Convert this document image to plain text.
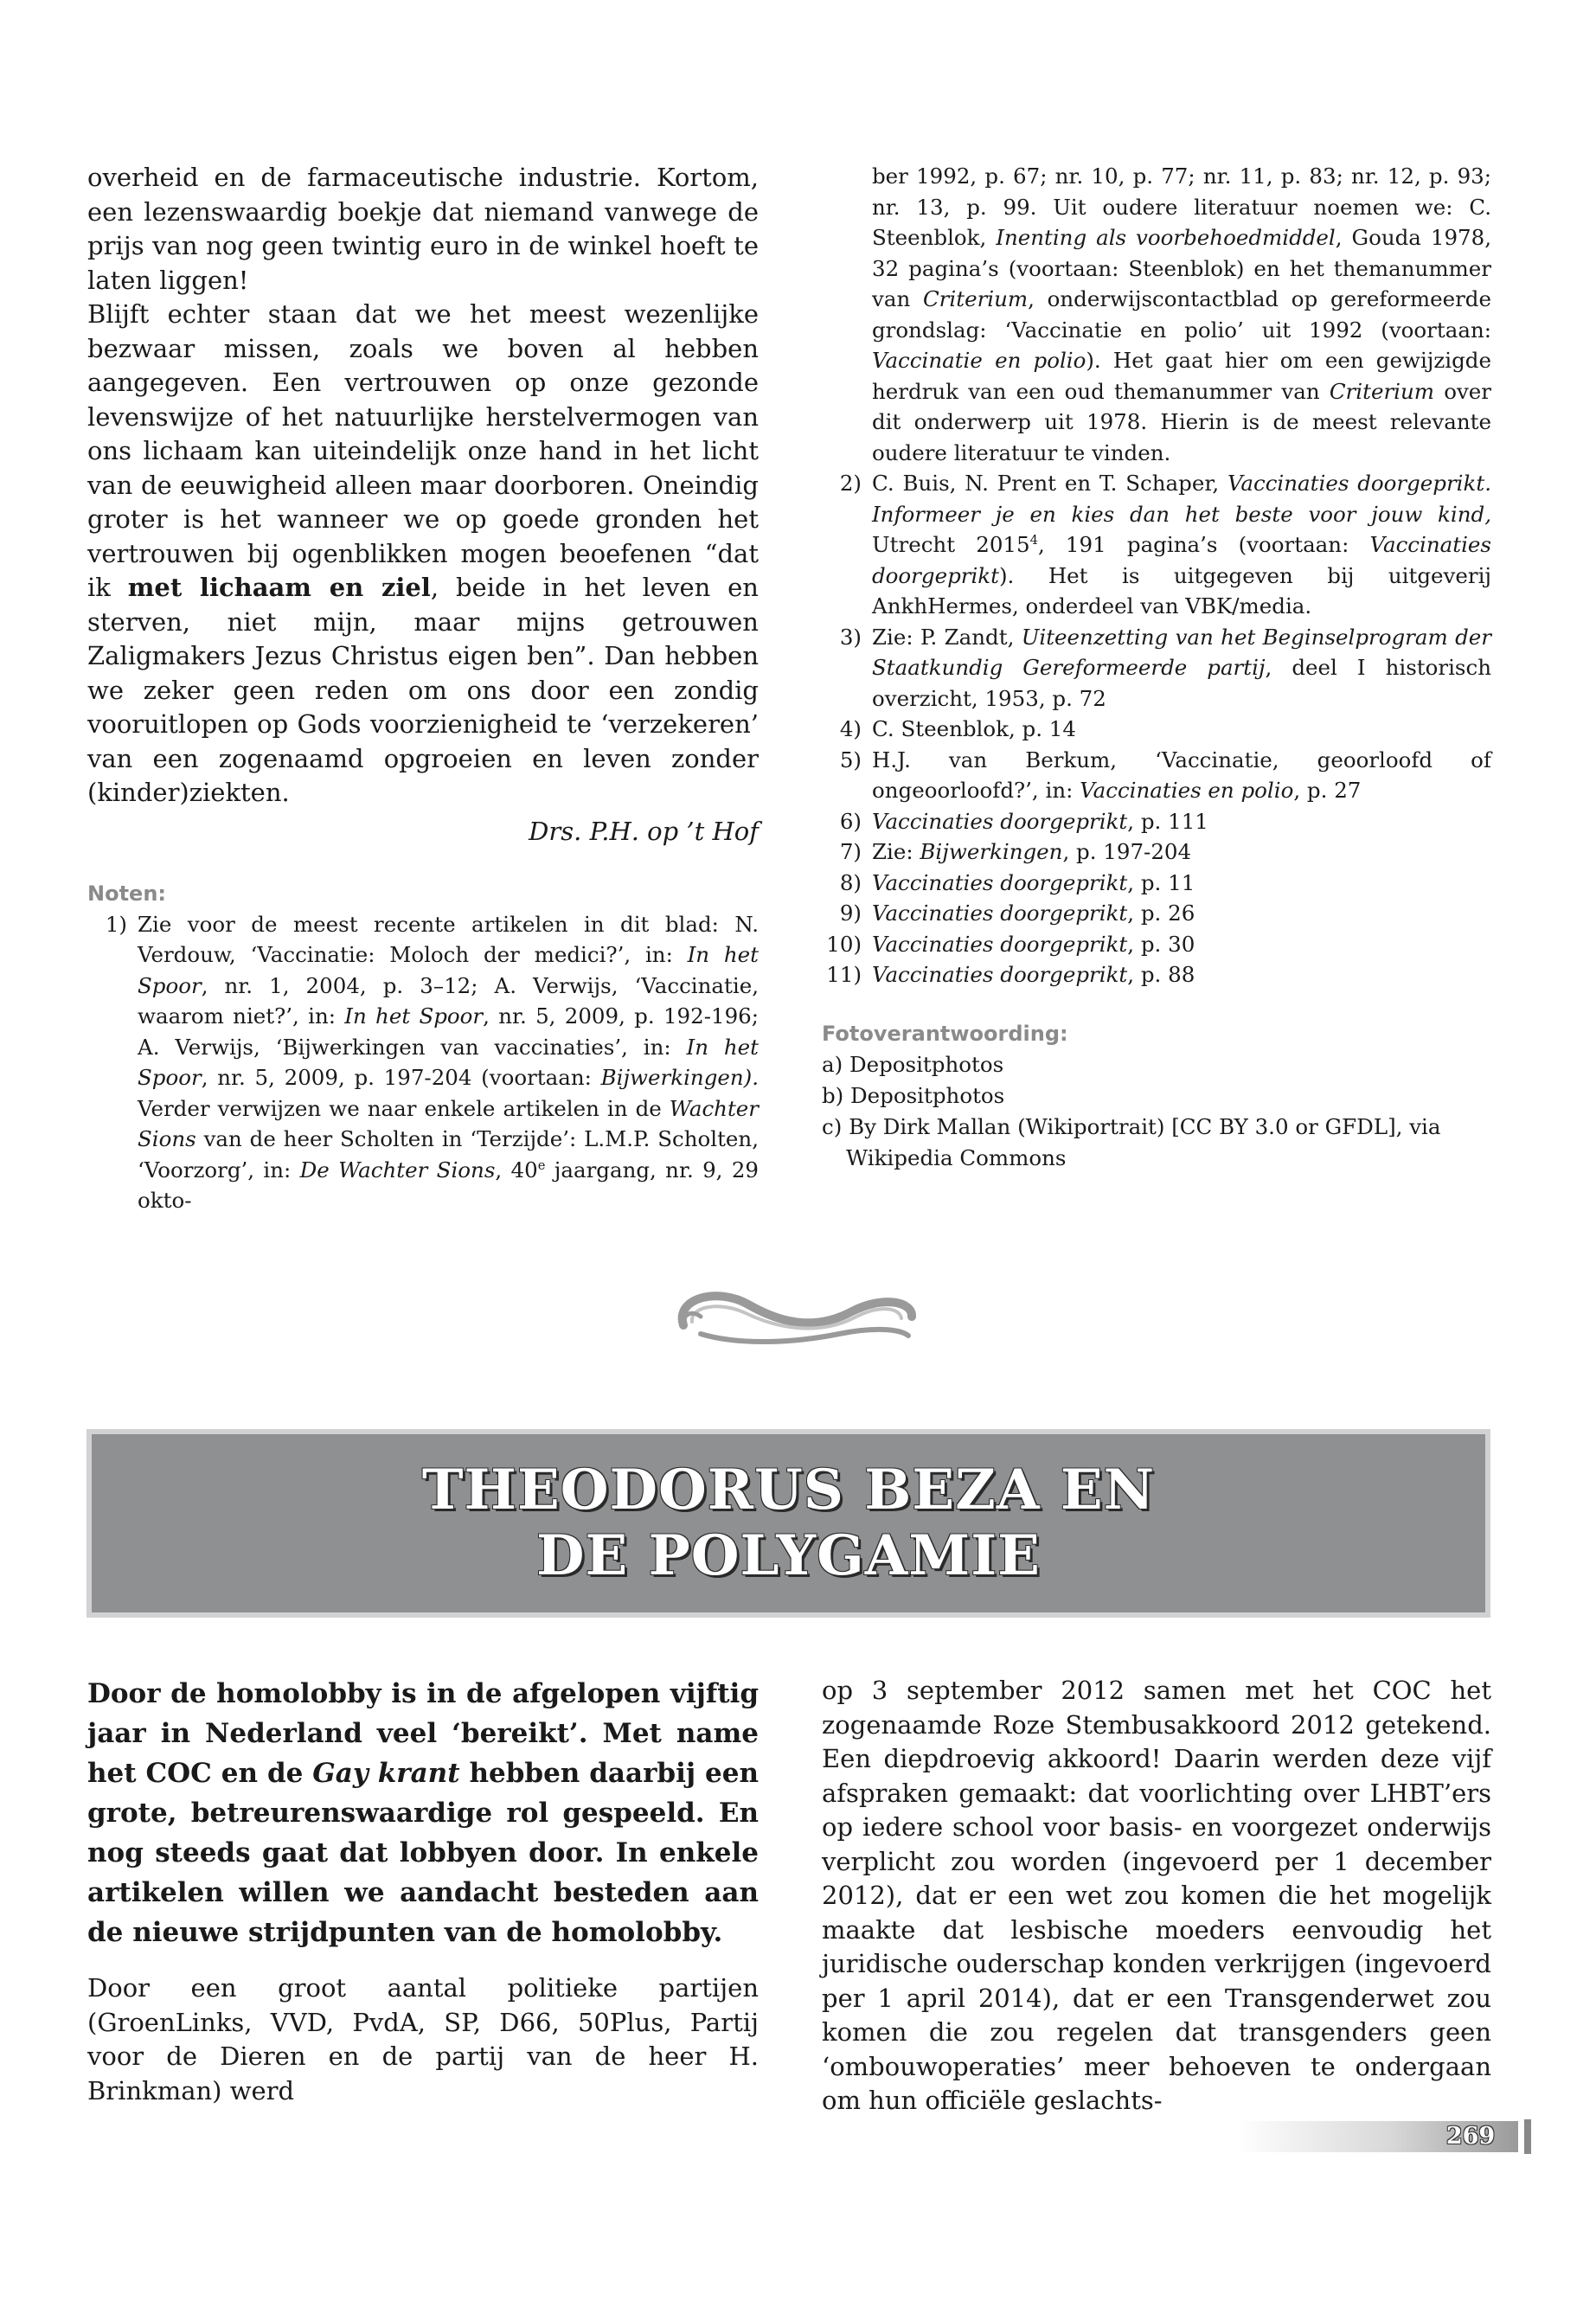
overheid en de farmaceutische industrie. Kortom, een lezenswaardig boekje dat niemand vanwege de prijs van nog geen twintig euro in de winkel hoeft te laten liggen!

Blijft echter staan dat we het meest wezenlijke bezwaar missen, zoals we boven al hebben aangegeven. Een vertrouwen op onze gezonde levenswijze of het natuurlijke herstelvermogen van ons lichaam kan uiteindelijk onze hand in het licht van de eeuwigheid alleen maar doorboren. Oneindig groter is het wanneer we op goede gronden het vertrouwen bij ogenblikken mogen beoefenen “dat ik met lichaam en ziel, beide in het leven en sterven, niet mijn, maar mijns getrouwen Zaligmakers Jezus Christus eigen ben”. Dan hebben we zeker geen reden om ons door een zondig vooruitlopen op Gods voorzienigheid te ‘verzekeren’ van een zogenaamd opgroeien en leven zonder (kinder)ziekten.

Drs. P.H. op ’t Hof
Noten:
1) Zie voor de meest recente artikelen in dit blad: N. Verdouw, ‘Vaccinatie: Moloch der medici?’, in: In het Spoor, nr. 1, 2004, p. 3–12; A. Verwijs, ‘Vaccinatie, waarom niet?’, in: In het Spoor, nr. 5, 2009, p. 192-196; A. Verwijs, ‘Bijwerkingen van vaccinaties’, in: In het Spoor, nr. 5, 2009, p. 197-204 (voortaan: Bijwerkingen). Verder verwijzen we naar enkele artikelen in de Wachter Sions van de heer Scholten in ‘Terzijde’: L.M.P. Scholten, ‘Voorzorg’, in: De Wachter Sions, 40e jaargang, nr. 9, 29 okto-
ber 1992, p. 67; nr. 10, p. 77; nr. 11, p. 83; nr. 12, p. 93; nr. 13, p. 99. Uit oudere literatuur noemen we: C. Steenblok, Inenting als voorbehoedmiddel, Gouda 1978, 32 pagina’s (voortaan: Steenblok) en het themanummer van Criterium, onderwijscontactblad op gereformeerde grondslag: ‘Vaccinatie en polio’ uit 1992 (voortaan: Vaccinatie en polio). Het gaat hier om een gewijzigde herdruk van een oud themanummer van Criterium over dit onderwerp uit 1978. Hierin is de meest relevante oudere literatuur te vinden.
2) C. Buis, N. Prent en T. Schaper, Vaccinaties doorgeprikt. Informeer je en kies dan het beste voor jouw kind, Utrecht 2015$^4$, 191 pagina’s (voortaan: Vaccinaties doorgeprikt). Het is uitgegeven bij uitgeverij AnkhHermes, onderdeel van VBK/media.
3) Zie: P. Zandt, Uiteenzetting van het Beginselprogram der Staatkundig Gereformeerde partij, deel I historisch overzicht, 1953, p. 72
4) C. Steenblok, p. 14
5) H.J. van Berkum, ‘Vaccinatie, geoorloofd of ongeoorloofd?’, in: Vaccinaties en polio, p. 27
6) Vaccinaties doorgeprikt, p. 111
7) Zie: Bijwerkingen, p. 197-204
8) Vaccinaties doorgeprikt, p. 11
9) Vaccinaties doorgeprikt, p. 26
10) Vaccinaties doorgeprikt, p. 30
11) Vaccinaties doorgeprikt, p. 88
Fotoverantwoording:
a) Depositphotos
b) Depositphotos
c) By Dirk Mallan (Wikiportrait) [CC BY 3.0 or GFDL], via
Wikipedia Commons
THEODORUS BEZA EN
DE POLYGAMIE
Door de homolobby is in de afgelopen vijftig jaar in Nederland veel ‘bereikt’. Met name het COC en de Gay krant hebben daarbij een grote, betreurenswaardige rol gespeeld. En nog steeds gaat dat lobbyen door. In enkele artikelen willen we aandacht besteden aan de nieuwe strijdpunten van de homolobby.
Door een groot aantal politieke partijen (GroenLinks, VVD, PvdA, SP, D66, 50Plus, Partij voor de Dieren en de partij van de heer H. Brinkman) werd
op 3 september 2012 samen met het COC het zogenaamde Roze Stembusakkoord 2012 getekend. Een diepdroevig akkoord! Daarin werden deze vijf afspraken gemaakt: dat voorlichting over LHBT’ers op iedere school voor basis- en voorgezet onderwijs verplicht zou worden (ingevoerd per 1 december 2012), dat er een wet zou komen die het mogelijk maakte dat lesbische moeders eenvoudig het juridische ouderschap konden verkrijgen (ingevoerd per 1 april 2014), dat er een Transgenderwet zou komen die zou regelen dat transgenders geen ‘ombouwoperaties’ meer behoeven te ondergaan om hun officiële geslachts-
269
